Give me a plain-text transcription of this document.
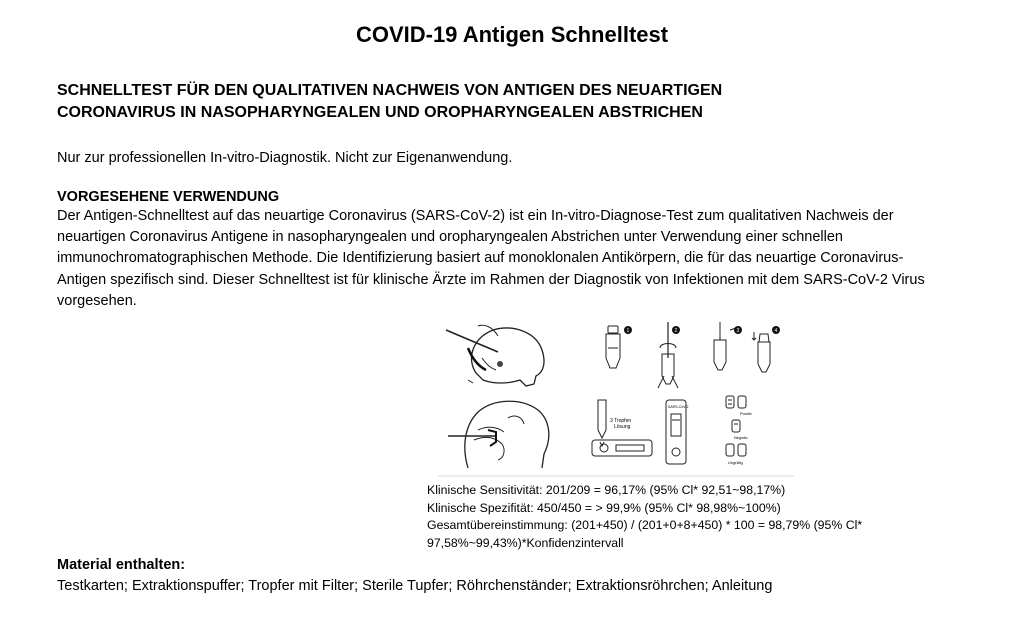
COVID-19 Antigen Schnelltest
SCHNELLTEST FÜR DEN QUALITATIVEN NACHWEIS VON ANTIGEN DES NEUARTIGEN
CORONAVIRUS IN NASOPHARYNGEALEN UND OROPHARYNGEALEN ABSTRICHEN
Nur zur professionellen In-vitro-Diagnostik. Nicht zur Eigenanwendung.
VORGESEHENE VERWENDUNG
Der Antigen-Schnelltest auf das neuartige Coronavirus (SARS-CoV-2) ist ein In-vitro-Diagnose-Test zum qualitativen Nachweis der
neuartigen Coronavirus Antigene in nasopharyngealen und oropharyngealen Abstrichen unter Verwendung einer schnellen
immunochromatographischen Methode. Die Identifizierung basiert auf monoklonalen Antikörpern, die für das neuartige Coronavirus-
Antigen spezifisch sind. Dieser Schnelltest ist für klinische Ärzte im Rahmen der Diagnostik von Infektionen mit dem SARS-CoV-2 Virus
vorgesehen.
3 Tropfen
Lösung
SARS-CoV-2
Positiv
Negativ
Ungültig
1	2	3	4
Klinische Sensitivität: 201/209 = 96,17% (95% Cl* 92,51~98,17%)
Klinische Spezifität: 450/450 = > 99,9% (95% Cl* 98,98%~100%)
Gesamtübereinstimmung: (201+450) / (201+0+8+450) * 100 = 98,79% (95% Cl*
97,58%~99,43%)*Konfidenzintervall
Material enthalten:
Testkarten; Extraktionspuffer; Tropfer mit Filter; Sterile Tupfer; Röhrchenständer; Extraktionsröhrchen; Anleitung
